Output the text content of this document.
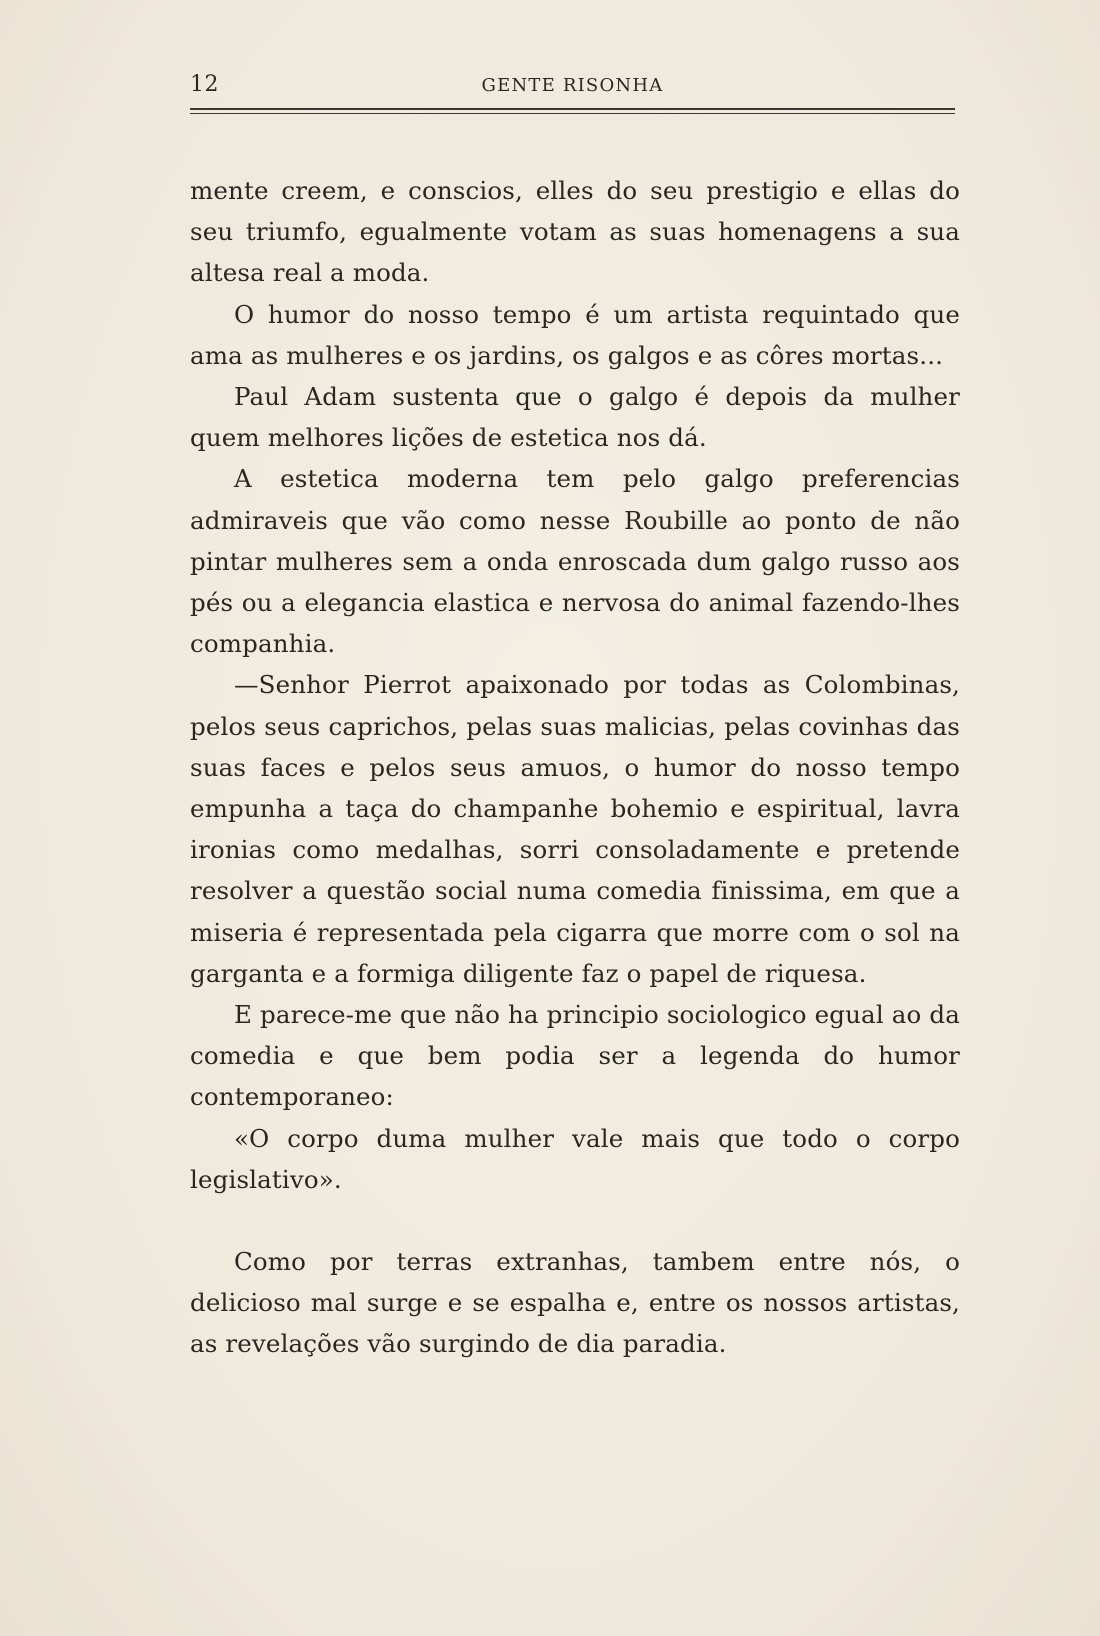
12	GENTE RISONHA

mente creem, e conscios, elles do seu prestigio e ellas do seu triumfo, egualmente votam as suas homenagens a sua altesa real a moda.

O humor do nosso tempo é um artista requintado que ama as mulheres e os jardins, os galgos e as côres mortas...

Paul Adam sustenta que o galgo é depois da mulher quem melhores lições de estetica nos dá.

A estetica moderna tem pelo galgo preferencias admiraveis que vão como nesse Roubille ao ponto de não pintar mulheres sem a onda enroscada dum galgo russo aos pés ou a elegancia elastica e nervosa do animal fazendo-lhes companhia.

—Senhor Pierrot apaixonado por todas as Colombinas, pelos seus caprichos, pelas suas malicias, pelas covinhas das suas faces e pelos seus amuos, o humor do nosso tempo empunha a taça do champanhe bohemio e espiritual, lavra ironias como medalhas, sorri consoladamente e pretende resolver a questão social numa comedia finissima, em que a miseria é representada pela cigarra que morre com o sol na garganta e a formiga diligente faz o papel de riquesa.

E parece-me que não ha principio sociologico egual ao da comedia e que bem podia ser a legenda do humor contemporaneo:

«O corpo duma mulher vale mais que todo o corpo legislativo».

Como por terras extranhas, tambem entre nós, o delicioso mal surge e se espalha e, entre os nossos artistas, as revelações vão surgindo de dia paradia.
